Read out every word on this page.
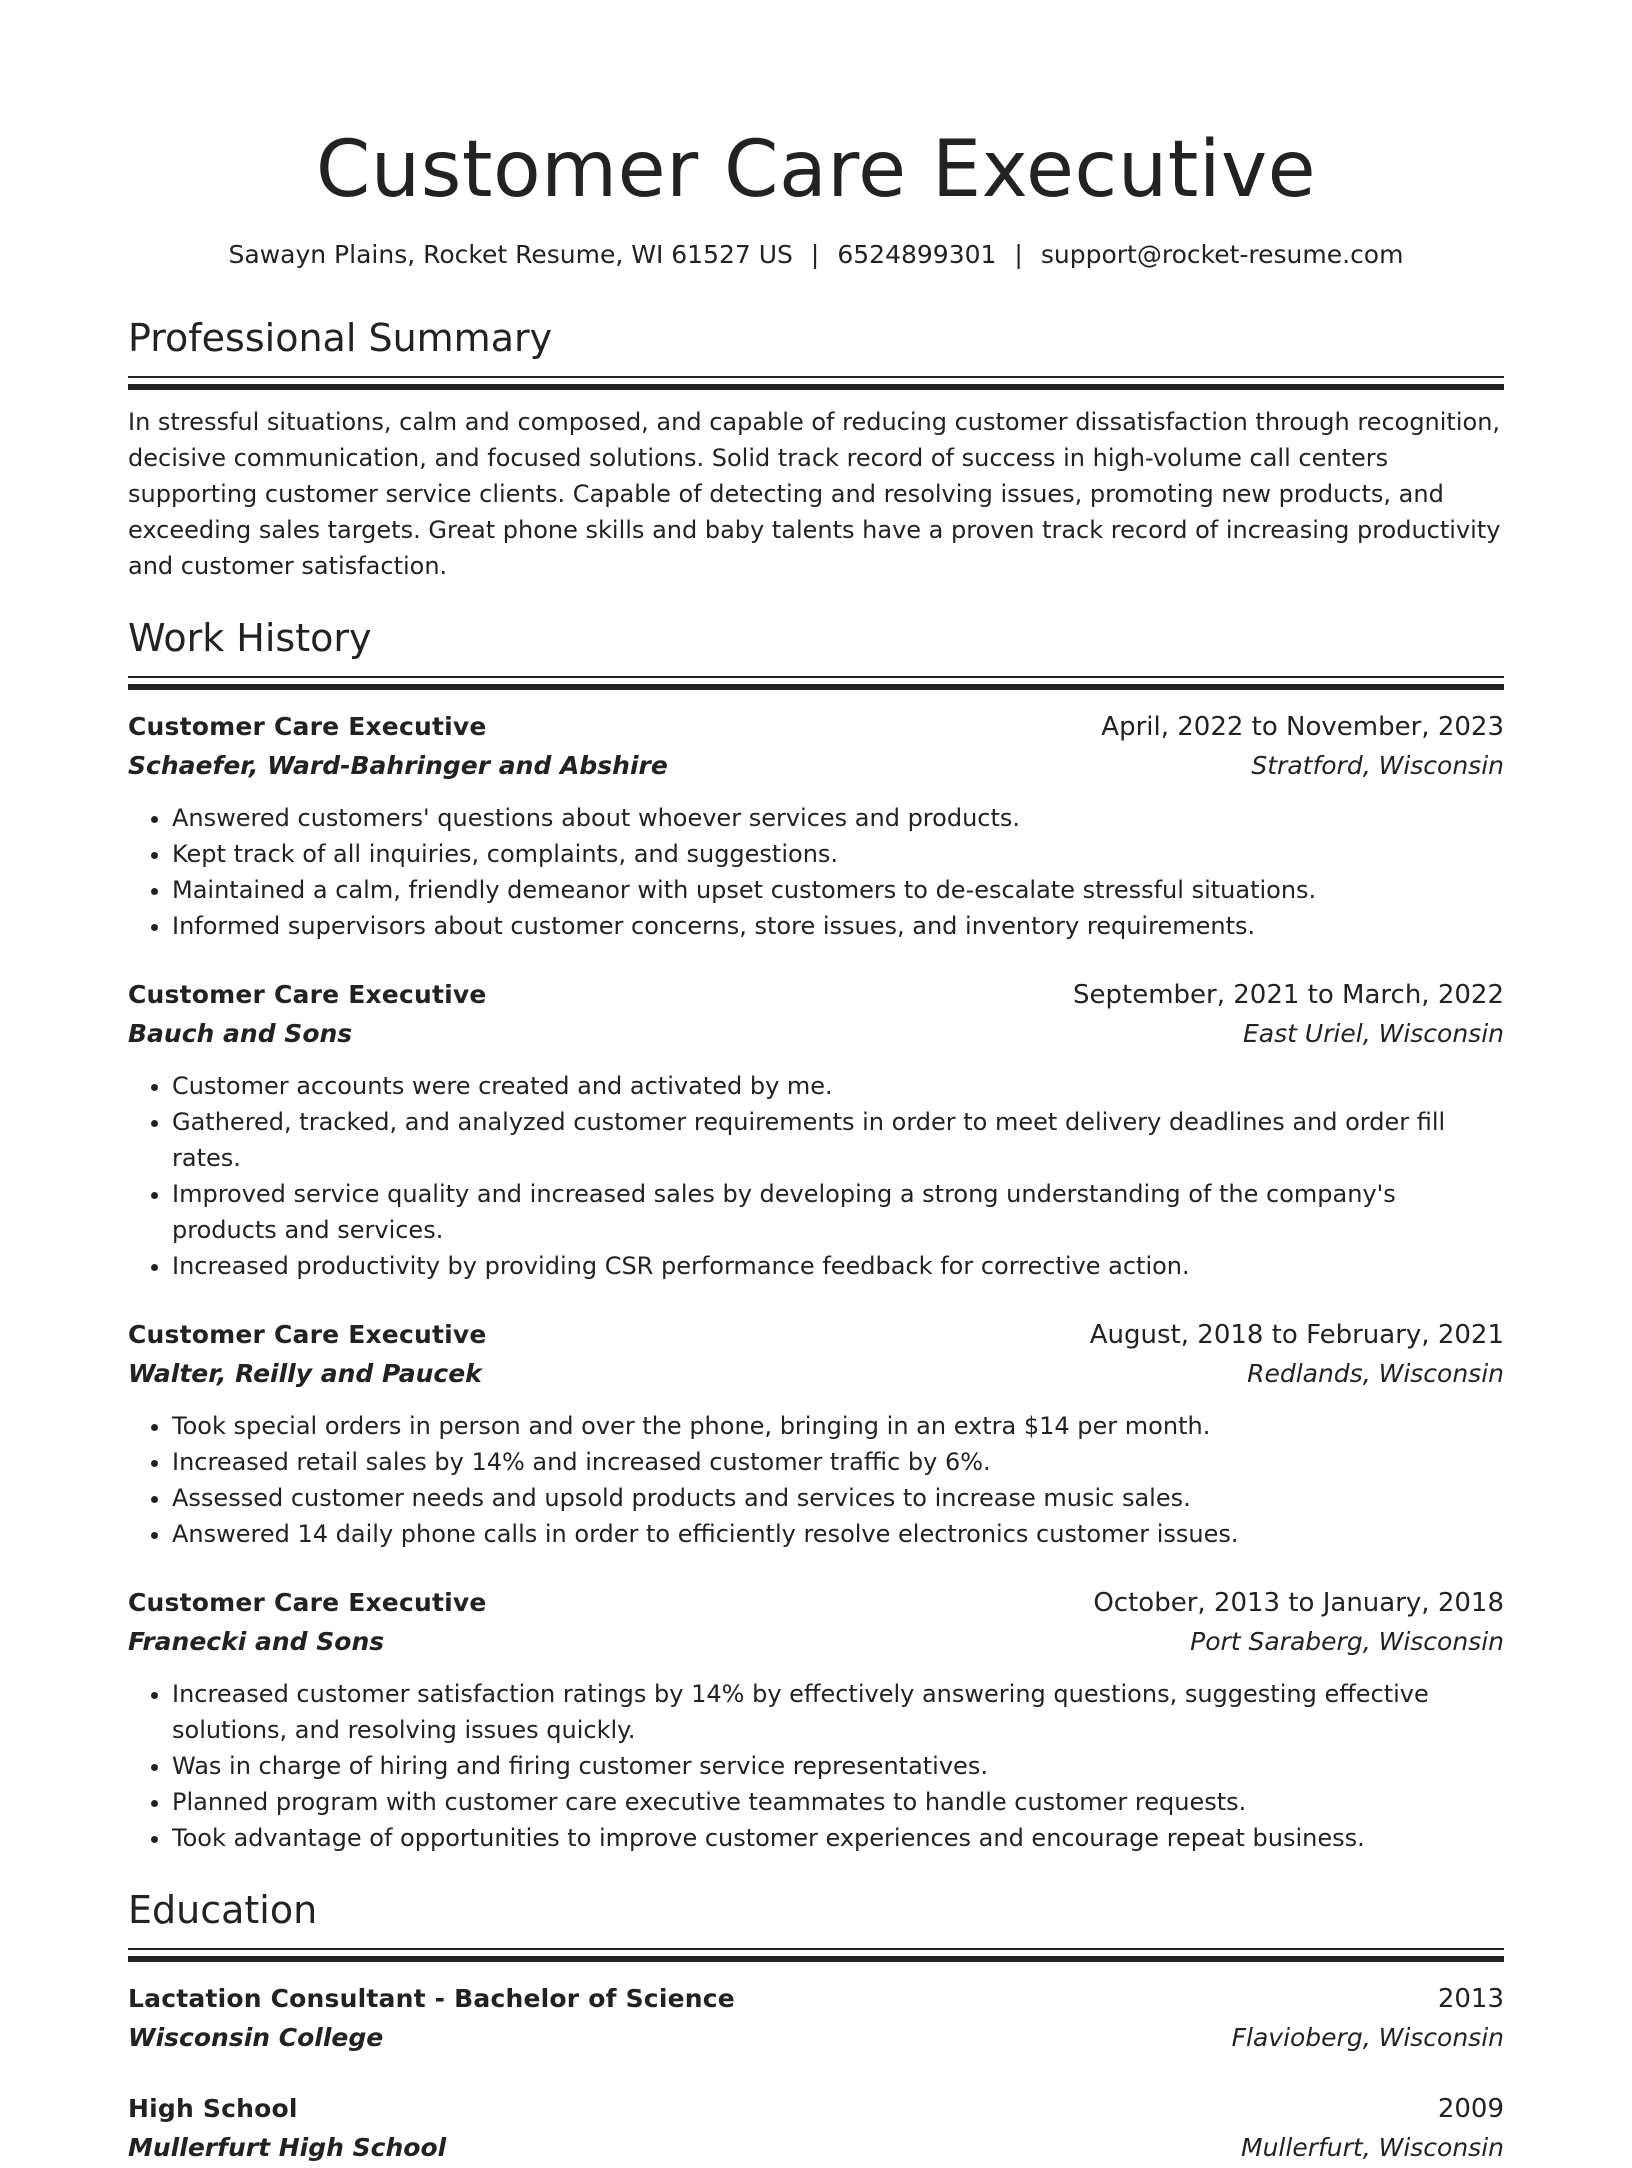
Customer Care Executive
Sawayn Plains, Rocket Resume, WI 61527 US | 6524899301 | support@rocket-resume.com
Professional Summary

In stressful situations, calm and composed, and capable of reducing customer dissatisfaction through recognition, decisive communication, and focused solutions. Solid track record of success in high-volume call centers supporting customer service clients. Capable of detecting and resolving issues, promoting new products, and exceeding sales targets. Great phone skills and baby talents have a proven track record of increasing productivity and customer satisfaction.

Work History
Customer Care Executive	April, 2022 to November, 2023
Schaefer, Ward-Bahringer and Abshire	Stratford, Wisconsin
• Answered customers' questions about whoever services and products.
• Kept track of all inquiries, complaints, and suggestions.
• Maintained a calm, friendly demeanor with upset customers to de-escalate stressful situations.
• Informed supervisors about customer concerns, store issues, and inventory requirements.
Customer Care Executive	September, 2021 to March, 2022
Bauch and Sons	East Uriel, Wisconsin
• Customer accounts were created and activated by me.
• Gathered, tracked, and analyzed customer requirements in order to meet delivery deadlines and order fill rates.
• Improved service quality and increased sales by developing a strong understanding of the company's products and services.
• Increased productivity by providing CSR performance feedback for corrective action.
Customer Care Executive	August, 2018 to February, 2021
Walter, Reilly and Paucek	Redlands, Wisconsin
• Took special orders in person and over the phone, bringing in an extra $14 per month.
• Increased retail sales by 14% and increased customer traffic by 6%.
• Assessed customer needs and upsold products and services to increase music sales.
• Answered 14 daily phone calls in order to efficiently resolve electronics customer issues.
Customer Care Executive	October, 2013 to January, 2018
Franecki and Sons	Port Saraberg, Wisconsin
• Increased customer satisfaction ratings by 14% by effectively answering questions, suggesting effective solutions, and resolving issues quickly.
• Was in charge of hiring and firing customer service representatives.
• Planned program with customer care executive teammates to handle customer requests.
• Took advantage of opportunities to improve customer experiences and encourage repeat business.
Education
Lactation Consultant - Bachelor of Science	2013
Wisconsin College	Flavioberg, Wisconsin
High School	2009
Mullerfurt High School	Mullerfurt, Wisconsin
